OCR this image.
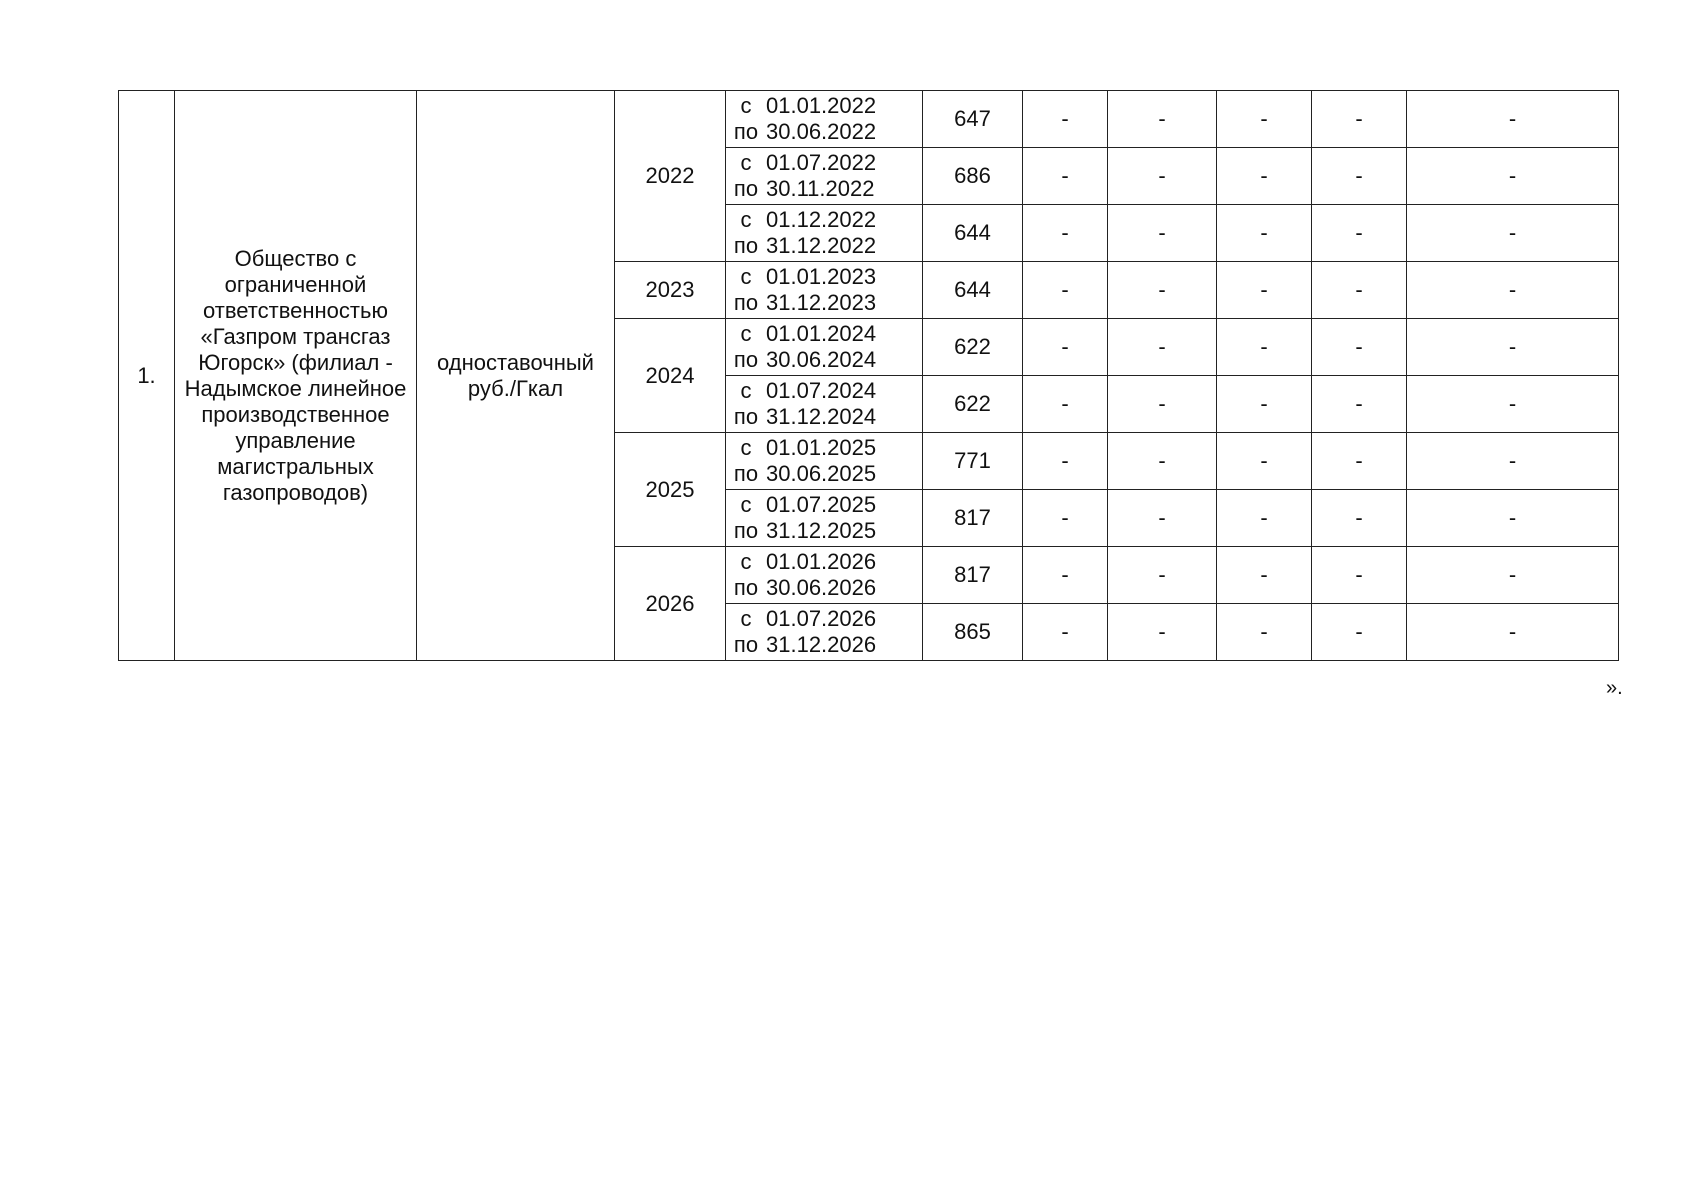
1.	Общество с ограниченной ответственностью «Газпром трансгаз Югорск» (филиал - Надымское линейное производственное управление магистральных газопроводов)	одноставочный руб./Гкал	2022	с 01.01.2022
по 30.06.2022	647	-	-	-	-	-

				с 01.07.2022
по 30.11.2022	686	-	-	-	-	-

				с 01.12.2022
по 31.12.2022	644	-	-	-	-	-
			2023	с 01.01.2023
по 31.12.2023	644	-	-	-	-	-
			2024	с 01.01.2024
по 30.06.2024	622	-	-	-	-	-

				с 01.07.2024
по 31.12.2024	622	-	-	-	-	-
			2025	с 01.01.2025
по 30.06.2025	771	-	-	-	-	-

				с 01.07.2025
по 31.12.2025	817	-	-	-	-	-
			2026	с 01.01.2026
по 30.06.2026	817	-	-	-	-	-

				с 01.07.2026
по 31.12.2026	865	-	-	-	-	-
».
